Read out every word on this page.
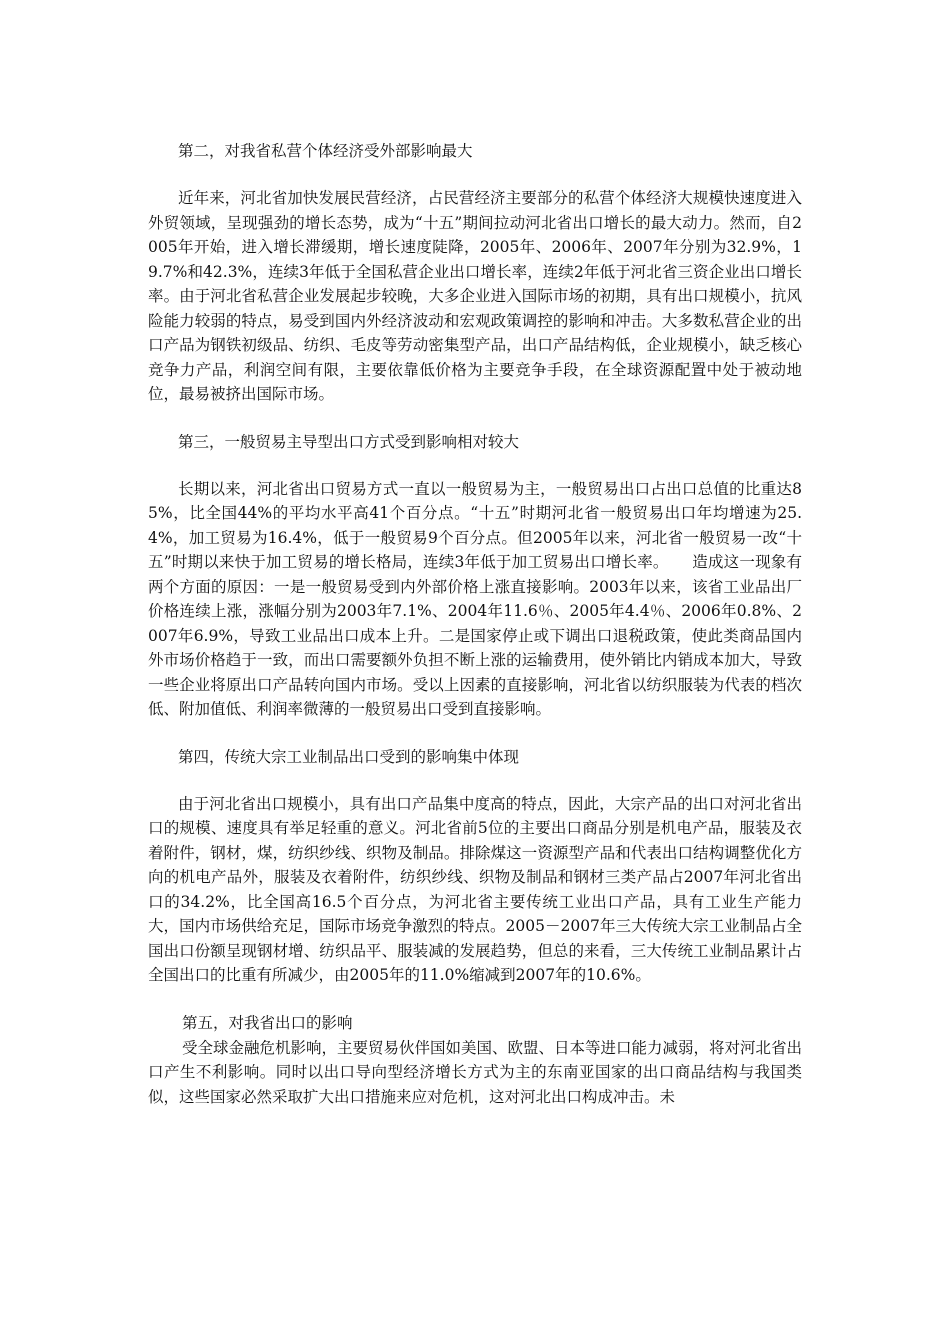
第二，对我省私营个体经济受外部影响最大

近年来，河北省加快发展民营经济，占民营经济主要部分的私营个体经济大规模快速度进入外贸领域，呈现强劲的增长态势，成为“十五”期间拉动河北省出口增长的最大动力。然而，自2005年开始，进入增长滞缓期，增长速度陡降，2005年、2006年、2007年分别为32.9%，19.7%和42.3%，连续3年低于全国私营企业出口增长率，连续2年低于河北省三资企业出口增长率。由于河北省私营企业发展起步较晚，大多企业进入国际市场的初期，具有出口规模小，抗风险能力较弱的特点，易受到国内外经济波动和宏观政策调控的影响和冲击。大多数私营企业的出口产品为钢铁初级品、纺织、毛皮等劳动密集型产品，出口产品结构低，企业规模小，缺乏核心竞争力产品，利润空间有限，主要依靠低价格为主要竞争手段，在全球资源配置中处于被动地位，最易被挤出国际市场。

第三，一般贸易主导型出口方式受到影响相对较大

长期以来，河北省出口贸易方式一直以一般贸易为主，一般贸易出口占出口总值的比重达85%，比全国44%的平均水平高41个百分点。“十五”时期河北省一般贸易出口年均增速为25.4%，加工贸易为16.4%，低于一般贸易9个百分点。但2005年以来，河北省一般贸易一改“十五”时期以来快于加工贸易的增长格局，连续3年低于加工贸易出口增长率。　　造成这一现象有两个方面的原因：一是一般贸易受到内外部价格上涨直接影响。2003年以来，该省工业品出厂价格连续上涨，涨幅分别为2003年7.1%、2004年11.6％、2005年4.4％、2006年0.8%、2007年6.9%，导致工业品出口成本上升。二是国家停止或下调出口退税政策，使此类商品国内外市场价格趋于一致，而出口需要额外负担不断上涨的运输费用，使外销比内销成本加大，导致一些企业将原出口产品转向国内市场。受以上因素的直接影响，河北省以纺织服装为代表的档次低、附加值低、利润率微薄的一般贸易出口受到直接影响。

第四，传统大宗工业制品出口受到的影响集中体现

由于河北省出口规模小，具有出口产品集中度高的特点，因此，大宗产品的出口对河北省出口的规模、速度具有举足轻重的意义。河北省前5位的主要出口商品分别是机电产品，服装及衣着附件，钢材，煤，纺织纱线、织物及制品。排除煤这一资源型产品和代表出口结构调整优化方向的机电产品外，服装及衣着附件，纺织纱线、织物及制品和钢材三类产品占2007年河北省出口的34.2%，比全国高16.5个百分点，为河北省主要传统工业出口产品，具有工业生产能力大，国内市场供给充足，国际市场竞争激烈的特点。2005－2007年三大传统大宗工业制品占全国出口份额呈现钢材增、纺织品平、服装减的发展趋势，但总的来看，三大传统工业制品累计占全国出口的比重有所减少，由2005年的11.0%缩减到2007年的10.6%。

第五，对我省出口的影响

受全球金融危机影响，主要贸易伙伴国如美国、欧盟、日本等进口能力减弱，将对河北省出口产生不利影响。同时以出口导向型经济增长方式为主的东南亚国家的出口商品结构与我国类似，这些国家必然采取扩大出口措施来应对危机，这对河北出口构成冲击。未
